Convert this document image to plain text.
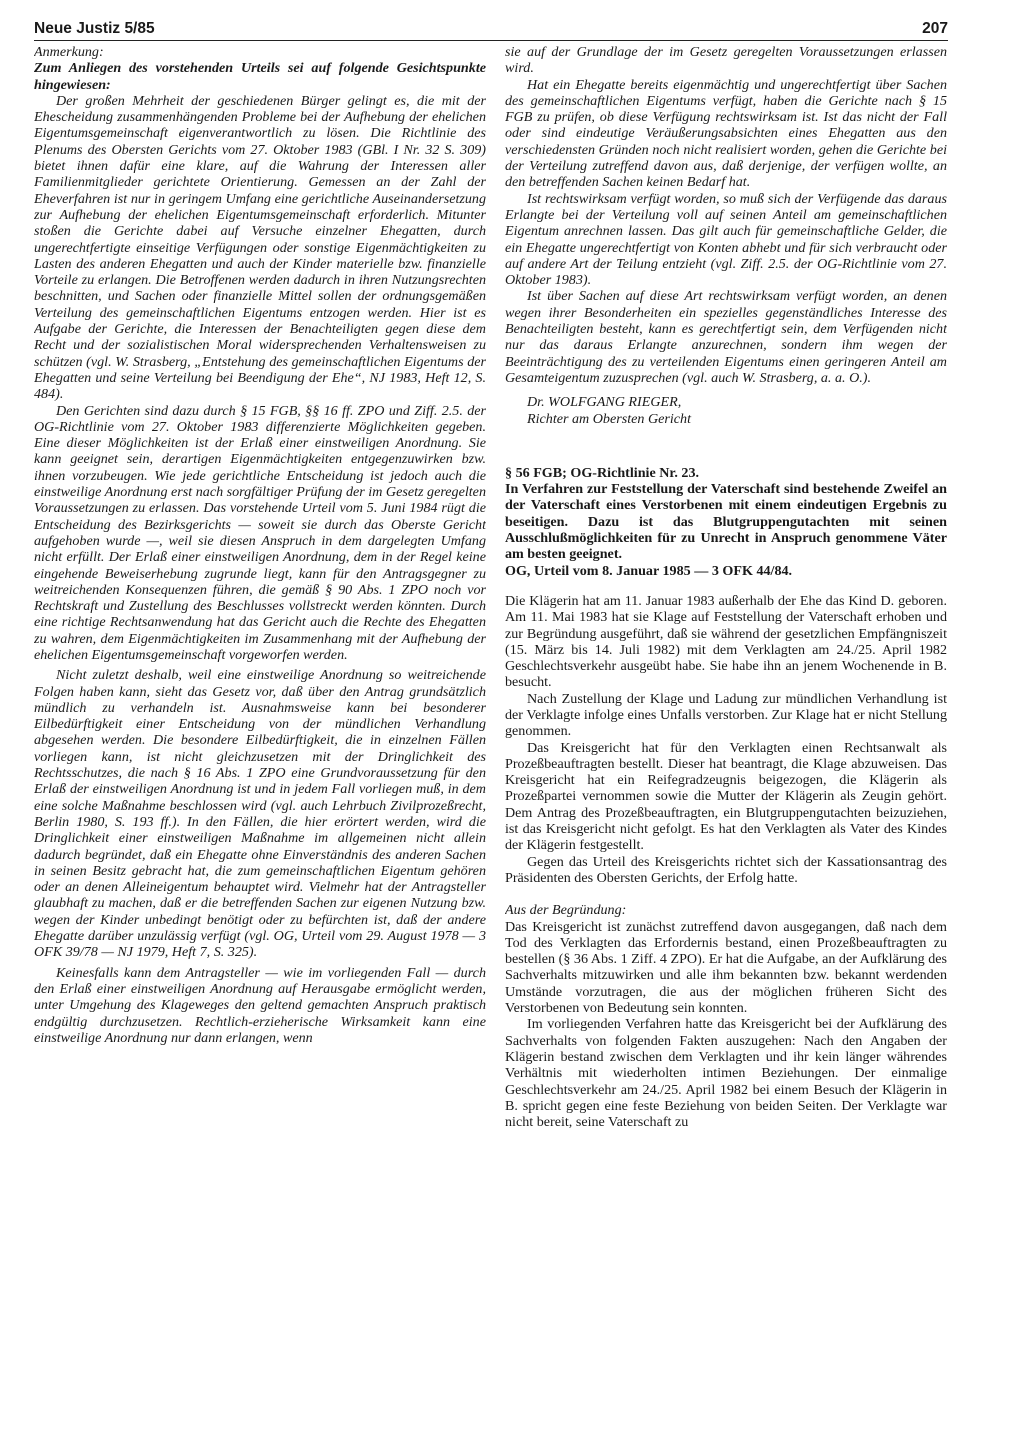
Neue Justiz 5/85	207

Anmerkung:

Zum Anliegen des vorstehenden Urteils sei auf folgende Gesichtspunkte hingewiesen:

Der großen Mehrheit der geschiedenen Bürger gelingt es, die mit der Ehescheidung zusammenhängenden Probleme bei der Aufhebung der ehelichen Eigentumsgemeinschaft eigenverantwortlich zu lösen. Die Richtlinie des Plenums des Obersten Gerichts vom 27. Oktober 1983 (GBl. I Nr. 32 S. 309) bietet ihnen dafür eine klare, auf die Wahrung der Interessen aller Familienmitglieder gerichtete Orientierung. Gemessen an der Zahl der Eheverfahren ist nur in geringem Umfang eine gerichtliche Auseinandersetzung zur Aufhebung der ehelichen Eigentumsgemeinschaft erforderlich. Mitunter stoßen die Gerichte dabei auf Versuche einzelner Ehegatten, durch ungerechtfertigte einseitige Verfügungen oder sonstige Eigenmächtigkeiten zu Lasten des anderen Ehegatten und auch der Kinder materielle bzw. finanzielle Vorteile zu erlangen. Die Betroffenen werden dadurch in ihren Nutzungsrechten beschnitten, und Sachen oder finanzielle Mittel sollen der ordnungsgemäßen Verteilung des gemeinschaftlichen Eigentums entzogen werden. Hier ist es Aufgabe der Gerichte, die Interessen der Benachteiligten gegen diese dem Recht und der sozialistischen Moral widersprechenden Verhaltensweisen zu schützen (vgl. W. Strasberg, „Entstehung des gemeinschaftlichen Eigentums der Ehegatten und seine Verteilung bei Beendigung der Ehe“, NJ 1983, Heft 12, S. 484).

Den Gerichten sind dazu durch § 15 FGB, §§ 16 ff. ZPO und Ziff. 2.5. der OG-Richtlinie vom 27. Oktober 1983 differenzierte Möglichkeiten gegeben. Eine dieser Möglichkeiten ist der Erlaß einer einstweiligen Anordnung. Sie kann geeignet sein, derartigen Eigenmächtigkeiten entgegenzuwirken bzw. ihnen vorzubeugen. Wie jede gerichtliche Entscheidung ist jedoch auch die einstweilige Anordnung erst nach sorgfältiger Prüfung der im Gesetz geregelten Voraussetzungen zu erlassen. Das vorstehende Urteil vom 5. Juni 1984 rügt die Entscheidung des Bezirksgerichts — soweit sie durch das Oberste Gericht aufgehoben wurde —, weil sie diesen Anspruch in dem dargelegten Umfang nicht erfüllt. Der Erlaß einer einstweiligen Anordnung, dem in der Regel keine eingehende Beweiserhebung zugrunde liegt, kann für den Antragsgegner zu weitreichenden Konsequenzen führen, die gemäß § 90 Abs. 1 ZPO noch vor Rechtskraft und Zustellung des Beschlusses vollstreckt werden könnten. Durch eine richtige Rechtsanwendung hat das Gericht auch die Rechte des Ehegatten zu wahren, dem Eigenmächtigkeiten im Zusammenhang mit der Aufhebung der ehelichen Eigentumsgemeinschaft vorgeworfen werden.

Nicht zuletzt deshalb, weil eine einstweilige Anordnung so weitreichende Folgen haben kann, sieht das Gesetz vor, daß über den Antrag grundsätzlich mündlich zu verhandeln ist. Ausnahmsweise kann bei besonderer Eilbedürftigkeit einer Entscheidung von der mündlichen Verhandlung abgesehen werden. Die besondere Eilbedürftigkeit, die in einzelnen Fällen vorliegen kann, ist nicht gleichzusetzen mit der Dringlichkeit des Rechtsschutzes, die nach § 16 Abs. 1 ZPO eine Grundvoraussetzung für den Erlaß der einstweiligen Anordnung ist und in jedem Fall vorliegen muß, in dem eine solche Maßnahme beschlossen wird (vgl. auch Lehrbuch Zivilprozeßrecht, Berlin 1980, S. 193 ff.). In den Fällen, die hier erörtert werden, wird die Dringlichkeit einer einstweiligen Maßnahme im allgemeinen nicht allein dadurch begründet, daß ein Ehegatte ohne Einverständnis des anderen Sachen in seinen Besitz gebracht hat, die zum gemeinschaftlichen Eigentum gehören oder an denen Alleineigentum behauptet wird. Vielmehr hat der Antragsteller glaubhaft zu machen, daß er die betreffenden Sachen zur eigenen Nutzung bzw. wegen der Kinder unbedingt benötigt oder zu befürchten ist, daß der andere Ehegatte darüber unzulässig verfügt (vgl. OG, Urteil vom 29. August 1978 — 3 OFK 39/78 — NJ 1979, Heft 7, S. 325).

Keinesfalls kann dem Antragsteller — wie im vorliegenden Fall — durch den Erlaß einer einstweiligen Anordnung auf Herausgabe ermöglicht werden, unter Umgehung des Klageweges den geltend gemachten Anspruch praktisch endgültig durchzusetzen. Rechtlich-erzieherische Wirksamkeit kann eine einstweilige Anordnung nur dann erlangen, wenn

sie auf der Grundlage der im Gesetz geregelten Voraussetzungen erlassen wird.

Hat ein Ehegatte bereits eigenmächtig und ungerechtfertigt über Sachen des gemeinschaftlichen Eigentums verfügt, haben die Gerichte nach § 15 FGB zu prüfen, ob diese Verfügung rechtswirksam ist. Ist das nicht der Fall oder sind eindeutige Veräußerungsabsichten eines Ehegatten aus den verschiedensten Gründen noch nicht realisiert worden, gehen die Gerichte bei der Verteilung zutreffend davon aus, daß derjenige, der verfügen wollte, an den betreffenden Sachen keinen Bedarf hat.

Ist rechtswirksam verfügt worden, so muß sich der Verfügende das daraus Erlangte bei der Verteilung voll auf seinen Anteil am gemeinschaftlichen Eigentum anrechnen lassen. Das gilt auch für gemeinschaftliche Gelder, die ein Ehegatte ungerechtfertigt von Konten abhebt und für sich verbraucht oder auf andere Art der Teilung entzieht (vgl. Ziff. 2.5. der OG-Richtlinie vom 27. Oktober 1983).

Ist über Sachen auf diese Art rechtswirksam verfügt worden, an denen wegen ihrer Besonderheiten ein spezielles gegenständliches Interesse des Benachteiligten besteht, kann es gerechtfertigt sein, dem Verfügenden nicht nur das daraus Erlangte anzurechnen, sondern ihm wegen der Beeinträchtigung des zu verteilenden Eigentums einen geringeren Anteil am Gesamteigentum zuzusprechen (vgl. auch W. Strasberg, a. a. O.).

Dr. WOLFGANG RIEGER,

Richter am Obersten Gericht

§ 56 FGB; OG-Richtlinie Nr. 23.

In Verfahren zur Feststellung der Vaterschaft sind bestehende Zweifel an der Vaterschaft eines Verstorbenen mit einem eindeutigen Ergebnis zu beseitigen. Dazu ist das Blutgruppengutachten mit seinen Ausschlußmöglichkeiten für zu Unrecht in Anspruch genommene Väter am besten geeignet.

OG, Urteil vom 8. Januar 1985 — 3 OFK 44/84.

Die Klägerin hat am 11. Januar 1983 außerhalb der Ehe das Kind D. geboren. Am 11. Mai 1983 hat sie Klage auf Feststellung der Vaterschaft erhoben und zur Begründung ausgeführt, daß sie während der gesetzlichen Empfängniszeit (15. März bis 14. Juli 1982) mit dem Verklagten am 24./25. April 1982 Geschlechtsverkehr ausgeübt habe. Sie habe ihn an jenem Wochenende in B. besucht.

Nach Zustellung der Klage und Ladung zur mündlichen Verhandlung ist der Verklagte infolge eines Unfalls verstorben. Zur Klage hat er nicht Stellung genommen.

Das Kreisgericht hat für den Verklagten einen Rechtsanwalt als Prozeßbeauftragten bestellt. Dieser hat beantragt, die Klage abzuweisen. Das Kreisgericht hat ein Reifegradzeugnis beigezogen, die Klägerin als Prozeßpartei vernommen sowie die Mutter der Klägerin als Zeugin gehört. Dem Antrag des Prozeßbeauftragten, ein Blutgruppengutachten beizuziehen, ist das Kreisgericht nicht gefolgt. Es hat den Verklagten als Vater des Kindes der Klägerin festgestellt.

Gegen das Urteil des Kreisgerichts richtet sich der Kassationsantrag des Präsidenten des Obersten Gerichts, der Erfolg hatte.

Aus der Begründung:

Das Kreisgericht ist zunächst zutreffend davon ausgegangen, daß nach dem Tod des Verklagten das Erfordernis bestand, einen Prozeßbeauftragten zu bestellen (§ 36 Abs. 1 Ziff. 4 ZPO). Er hat die Aufgabe, an der Aufklärung des Sachverhalts mitzuwirken und alle ihm bekannten bzw. bekannt werdenden Umstände vorzutragen, die aus der möglichen früheren Sicht des Verstorbenen von Bedeutung sein konnten.

Im vorliegenden Verfahren hatte das Kreisgericht bei der Aufklärung des Sachverhalts von folgenden Fakten auszugehen: Nach den Angaben der Klägerin bestand zwischen dem Verklagten und ihr kein länger währendes Verhältnis mit wiederholten intimen Beziehungen. Der einmalige Geschlechtsverkehr am 24./25. April 1982 bei einem Besuch der Klägerin in B. spricht gegen eine feste Beziehung von beiden Seiten. Der Verklagte war nicht bereit, seine Vaterschaft zu
